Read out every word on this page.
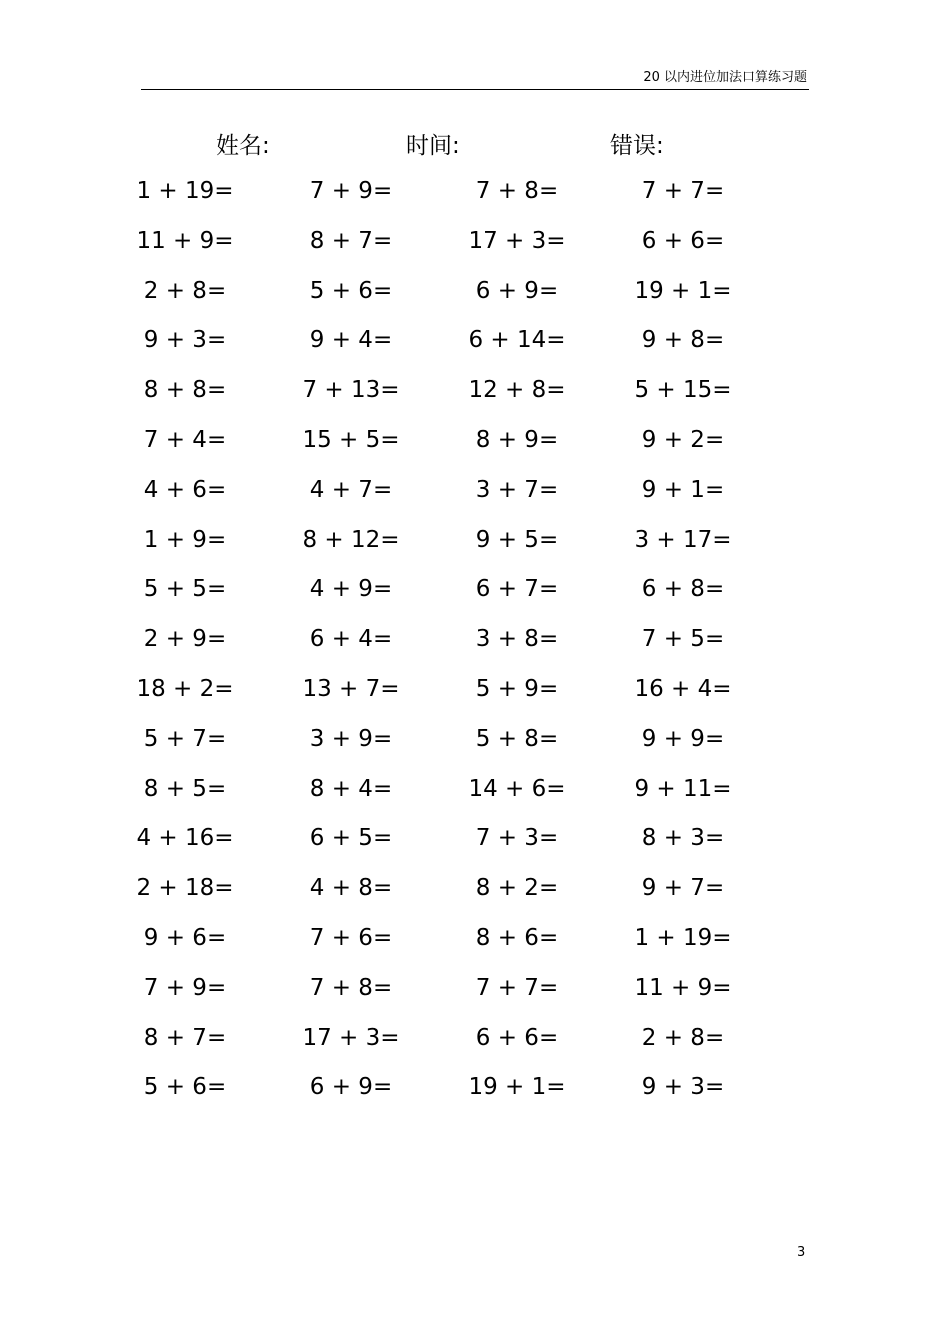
20 以内进位加法口算练习题
姓名:	时间:	错误:
1 + 19=	7 + 9=	7 + 8=	7 + 7=
11 + 9=	8 + 7=	17 + 3=	6 + 6=
2 + 8=	5 + 6=	6 + 9=	19 + 1=
9 + 3=	9 + 4=	6 + 14=	9 + 8=
8 + 8=	7 + 13=	12 + 8=	5 + 15=
7 + 4=	15 + 5=	8 + 9=	9 + 2=
4 + 6=	4 + 7=	3 + 7=	9 + 1=
1 + 9=	8 + 12=	9 + 5=	3 + 17=
5 + 5=	4 + 9=	6 + 7=	6 + 8=
2 + 9=	6 + 4=	3 + 8=	7 + 5=
18 + 2=	13 + 7=	5 + 9=	16 + 4=
5 + 7=	3 + 9=	5 + 8=	9 + 9=
8 + 5=	8 + 4=	14 + 6=	9 + 11=
4 + 16=	6 + 5=	7 + 3=	8 + 3=
2 + 18=	4 + 8=	8 + 2=	9 + 7=
9 + 6=	7 + 6=	8 + 6=	1 + 19=
7 + 9=	7 + 8=	7 + 7=	11 + 9=
8 + 7=	17 + 3=	6 + 6=	2 + 8=
5 + 6=	6 + 9=	19 + 1=	9 + 3=
3
